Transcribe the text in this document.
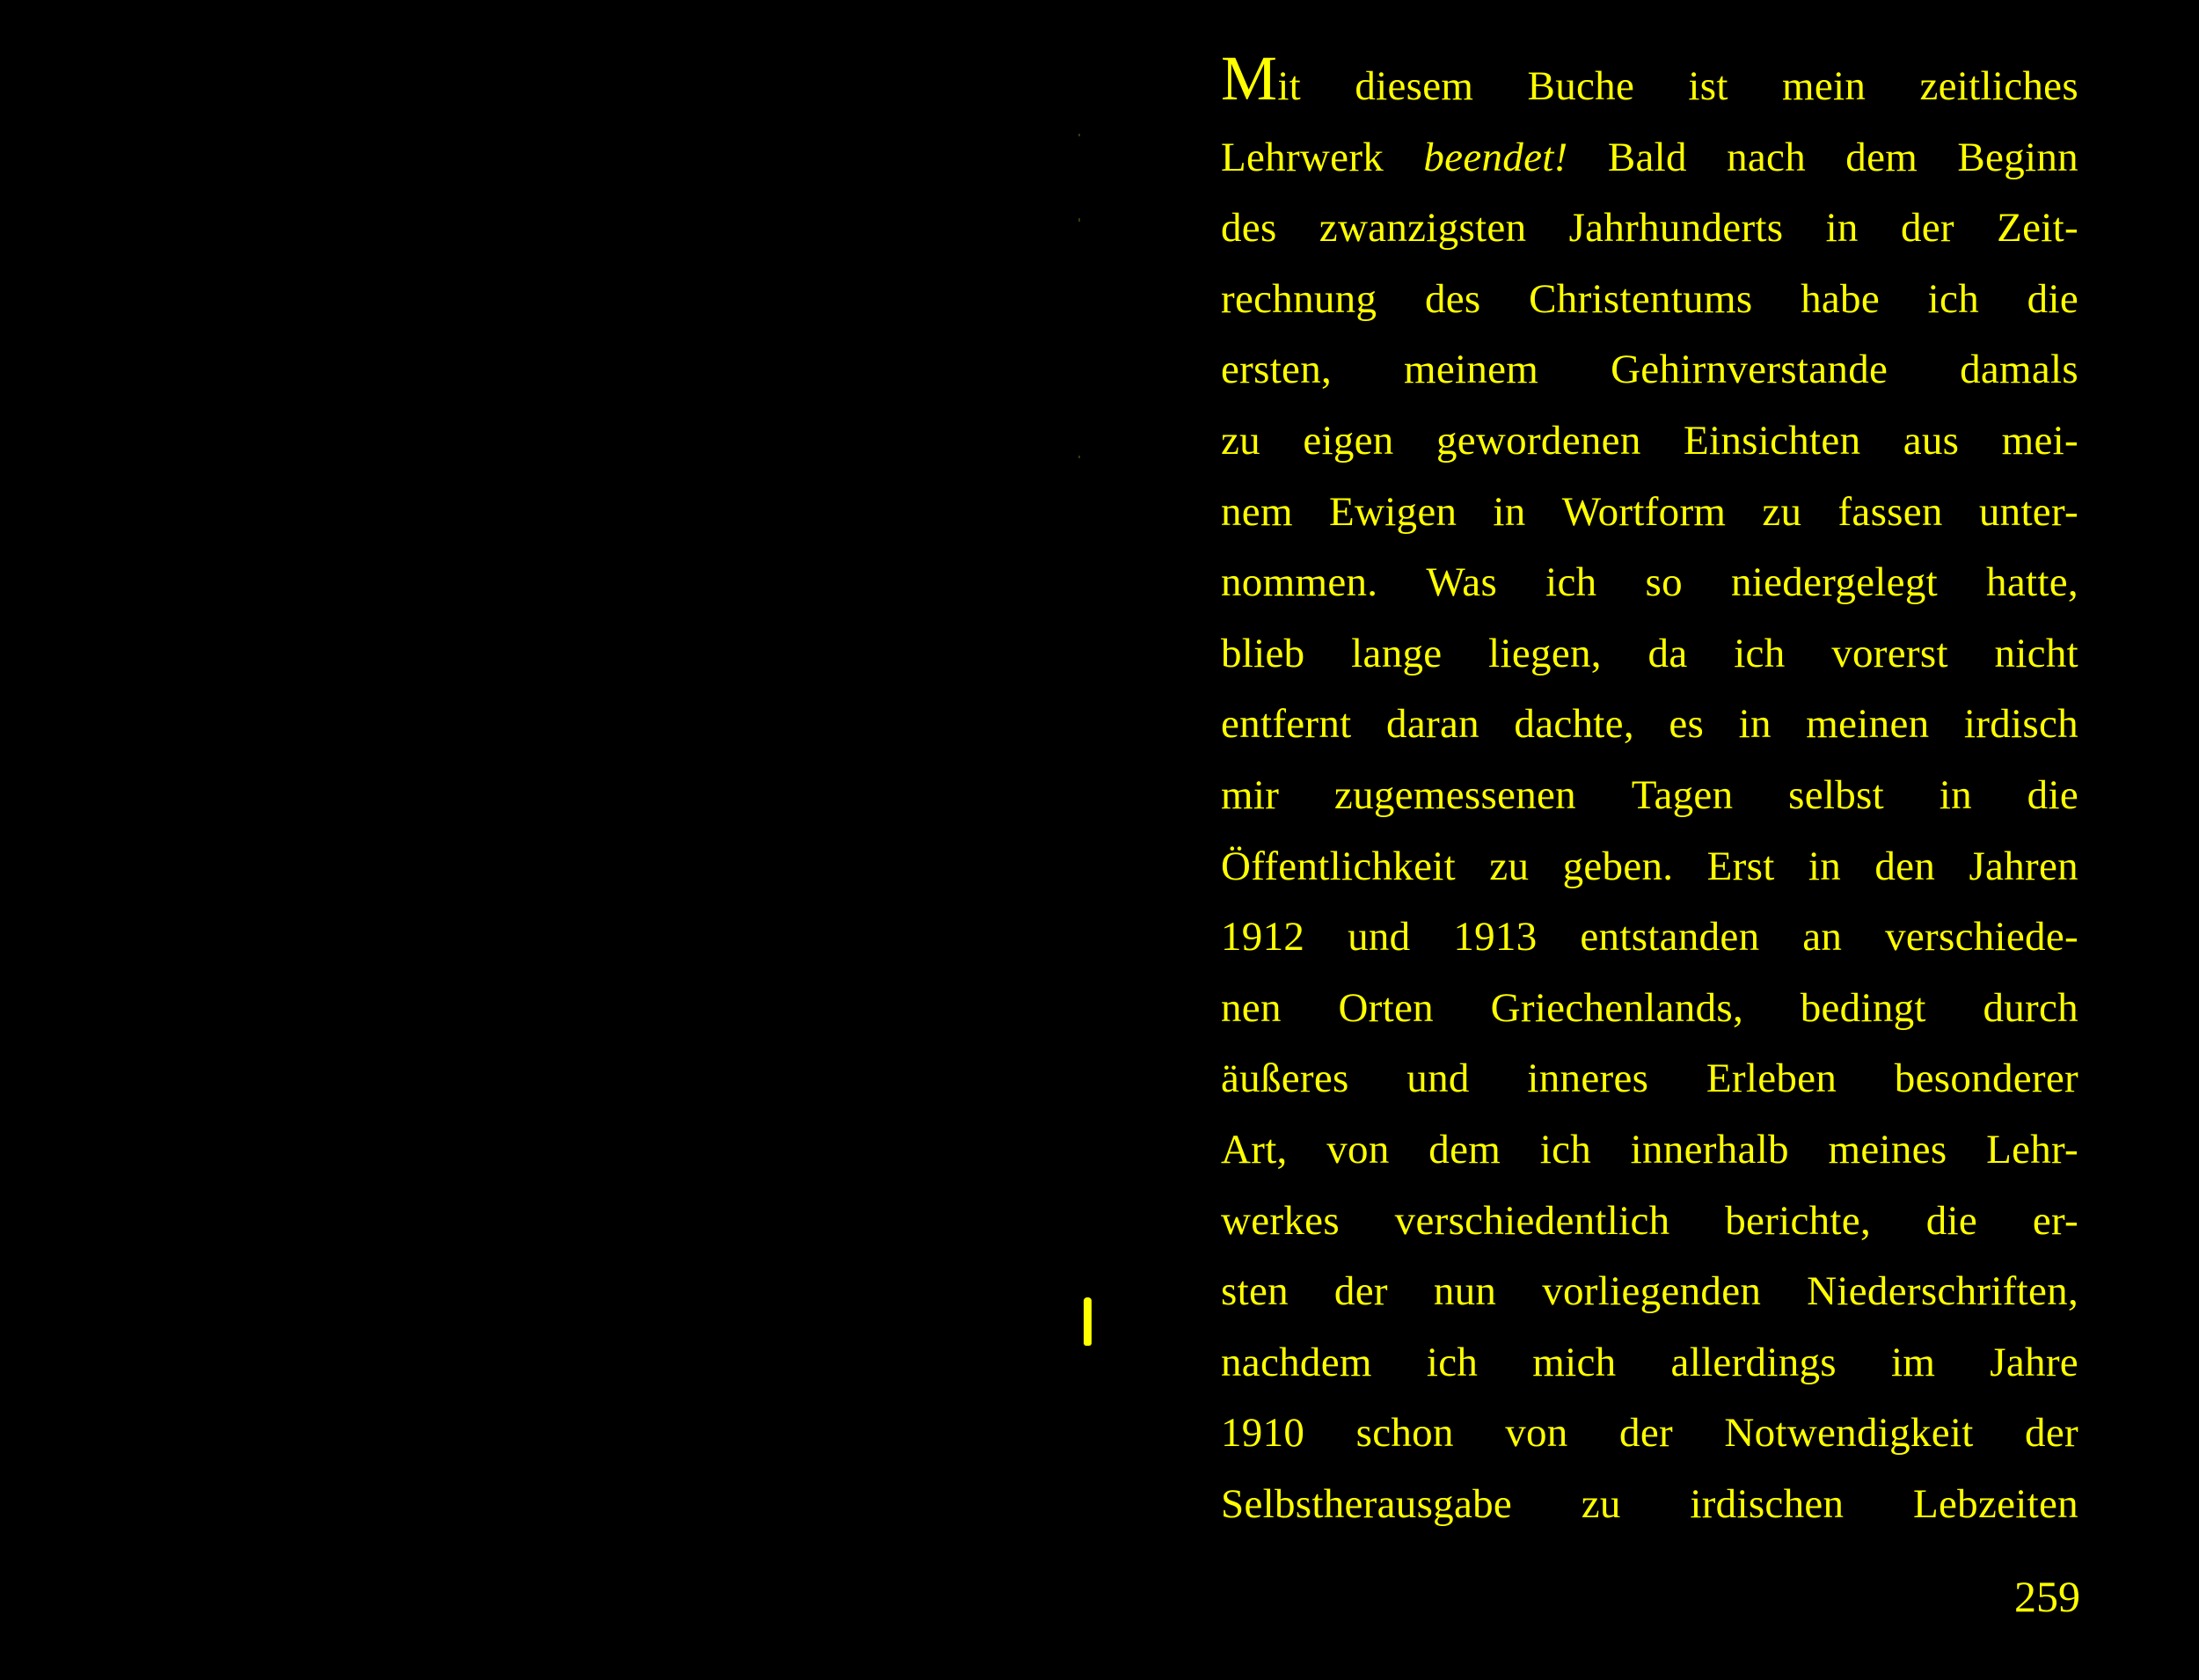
Mit diesem Buche ist mein zeitliches
Lehrwerk beendet! Bald nach dem Beginn
des zwanzigsten Jahrhunderts in der Zeit-
rechnung des Christentums habe ich die
ersten, meinem Gehirnverstande damals
zu eigen gewordenen Einsichten aus mei-
nem Ewigen in Wortform zu fassen unter-
nommen. Was ich so niedergelegt hatte,
blieb lange liegen, da ich vorerst nicht
entfernt daran dachte, es in meinen irdisch
mir zugemessenen Tagen selbst in die
Öffentlichkeit zu geben. Erst in den Jahren
1912 und 1913 entstanden an verschiede-
nen Orten Griechenlands, bedingt durch
äußeres und inneres Erleben besonderer
Art, von dem ich innerhalb meines Lehr-
werkes verschiedentlich berichte, die er-
sten der nun vorliegenden Niederschriften,
nachdem ich mich allerdings im Jahre
1910 schon von der Notwendigkeit der
Selbstherausgabe zu irdischen Lebzeiten
259
